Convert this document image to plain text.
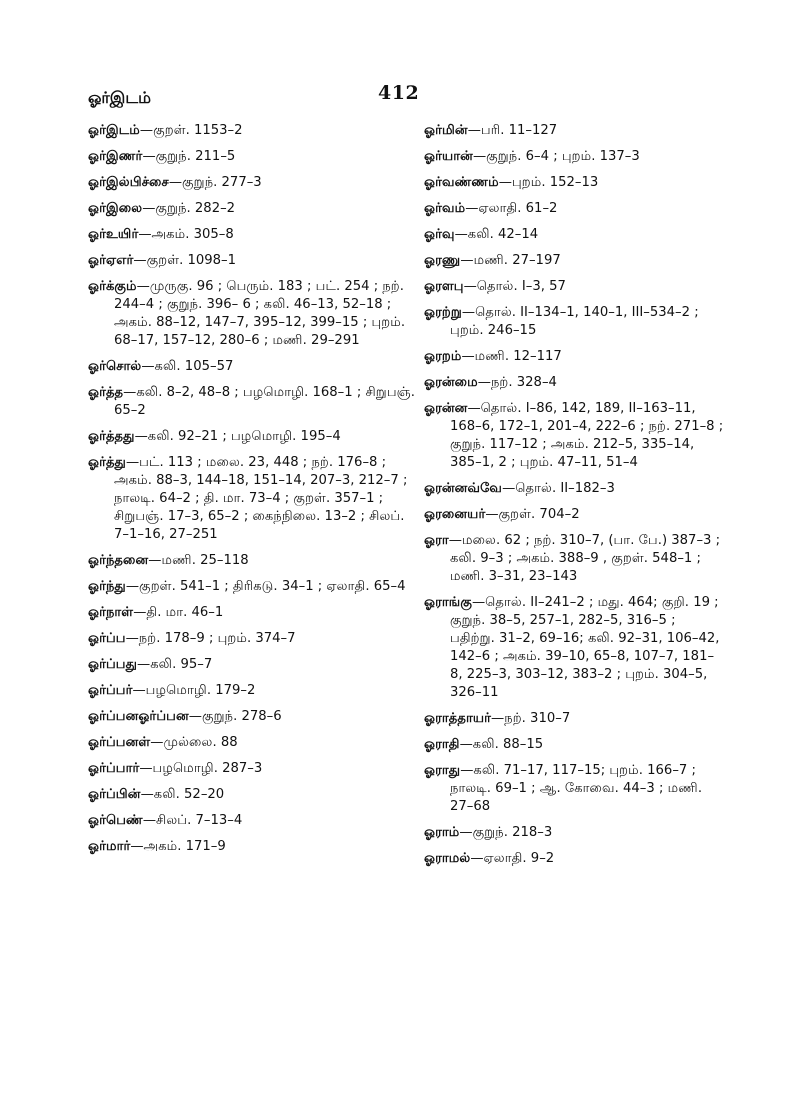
ஓர்இடம்	412
ஓர்இடம்—குறள். 1153–2
ஓர்இணர்—குறுந். 211–5
ஓர்இல்பிச்சை—குறுந். 277–3
ஓர்இலை—குறுந். 282–2
ஓர்உயிர்—அகம். 305–8
ஓர்ஏஎர்—குறள். 1098–1
ஓர்க்கும்—முருகு. 96 ; பெரும். 183 ; பட். 254 ; நற். 244–4 ; குறுந். 396– 6 ; கலி. 46–13, 52–18 ; அகம். 88–12, 147–7, 395–12, 399–15 ; புறம். 68–17, 157–12, 280–6 ; மணி. 29–291
ஓர்சொல்—கலி. 105–57
ஓர்த்த—கலி. 8–2, 48–8 ; பழமொழி. 168–1 ; சிறுபஞ். 65–2
ஓர்த்தது—கலி. 92–21 ; பழமொழி. 195–4
ஓர்த்து—பட். 113 ; மலை. 23, 448 ; நற். 176–8 ; அகம். 88–3, 144–18, 151–14, 207–3, 212–7 ; நாலடி. 64–2 ; தி. மா. 73–4 ; குறள். 357–1 ; சிறுபஞ். 17–3, 65–2 ; கைந்நிலை. 13–2 ; சிலப். 7–1–16, 27–251
ஓர்ந்தனை—மணி. 25–118
ஓர்ந்து—குறள். 541–1 ; திரிகடு. 34–1 ; ஏலாதி. 65–4
ஓர்நாள்—தி. மா. 46–1
ஓர்ப்ப—நற். 178–9 ; புறம். 374–7
ஓர்ப்பது—கலி. 95–7
ஓர்ப்பர்—பழமொழி. 179–2
ஓர்ப்பனஓர்ப்பன—குறுந். 278–6
ஓர்ப்பனள்—முல்லை. 88
ஓர்ப்பார்—பழமொழி. 287–3
ஓர்ப்பின்—கலி. 52–20
ஓர்பெண்—சிலப். 7–13–4
ஓர்மார்—அகம். 171–9
ஓர்மின்—பரி. 11–127
ஓர்யான்—குறுந். 6–4 ; புறம். 137–3
ஓர்வண்ணம்—புறம். 152–13
ஓர்வம்—ஏலாதி. 61–2
ஓர்வு—கலி. 42–14
ஓரணு—மணி. 27–197
ஓரளபு—தொல். I–3, 57
ஓரற்று—தொல். II–134–1, 140–1, III–534–2 ; புறம். 246–15
ஓரறம்—மணி. 12–117
ஓரன்மை—நற். 328–4
ஓரன்ன—தொல். I–86, 142, 189, II–163–11, 168–6, 172–1, 201–4, 222–6 ; நற். 271–8 ; குறுந். 117–12 ; அகம். 212–5, 335–14, 385–1, 2 ; புறம். 47–11, 51–4
ஓரன்னவ்வே—தொல். II–182–3
ஓரனையர்—குறள். 704–2
ஓரா—மலை. 62 ; நற். 310–7, (பா. பே.) 387–3 ; கலி. 9–3 ; அகம். 388–9 , குறள். 548–1 ; மணி. 3–31, 23–143
ஓராங்கு—தொல். II–241–2 ; மது. 464; குறி. 19 ; குறுந். 38–5, 257–1, 282–5, 316–5 ; பதிற்று. 31–2, 69–16; கலி. 92–31, 106–42, 142–6 ; அகம். 39–10, 65–8, 107–7, 181–8, 225–3, 303–12, 383–2 ; புறம். 304–5, 326–11
ஓராத்தாயர்—நற். 310–7
ஓராதி—கலி. 88–15
ஓராது—கலி. 71–17, 117–15; புறம். 166–7 ; நாலடி. 69–1 ; ஆ. கோவை. 44–3 ; மணி. 27–68
ஓராம்—குறுந். 218–3
ஓராமல்—ஏலாதி. 9–2
